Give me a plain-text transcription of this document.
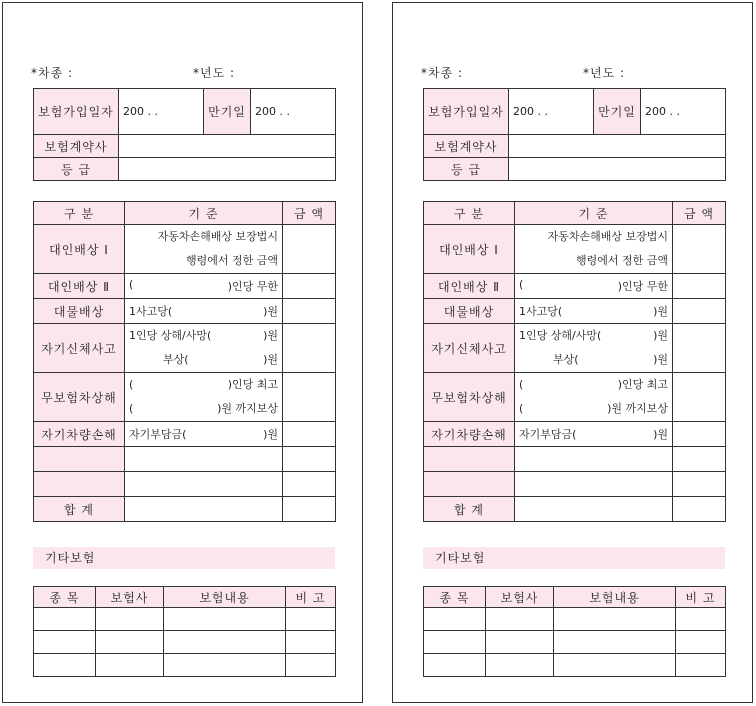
*차종 :	*년도 :
보험가입일자	200 . .	만기일	200 . .
보험계약사			
등 급			
구 분	기 준	금 액
대인배상 Ⅰ	자동차손해배상 보장법시
행령에서 정한 금액	

대인배상 Ⅱ	( )인당 무한	

대물배상	1사고당( )원	

자기신체사고	1인당 상해/사망( )원
부상( )원	

무보험차상해	( )인당 최고
( )원 까지보상	

자기차량손해	자기부담금( )원	

합 계		
기타보험
종 목	보험사	보험내용	비 고

*차종 :	*년도 :
보험가입일자	200 . .	만기일	200 . .
보험계약사			
등 급			
구 분	기 준	금 액
대인배상 Ⅰ	자동차손해배상 보장법시
행령에서 정한 금액	

대인배상 Ⅱ	( )인당 무한	

대물배상	1사고당( )원	

자기신체사고	1인당 상해/사망( )원
부상( )원	

무보험차상해	( )인당 최고
( )원 까지보상	

자기차량손해	자기부담금( )원	

합 계		
기타보험
종 목	보험사	보험내용	비 고
